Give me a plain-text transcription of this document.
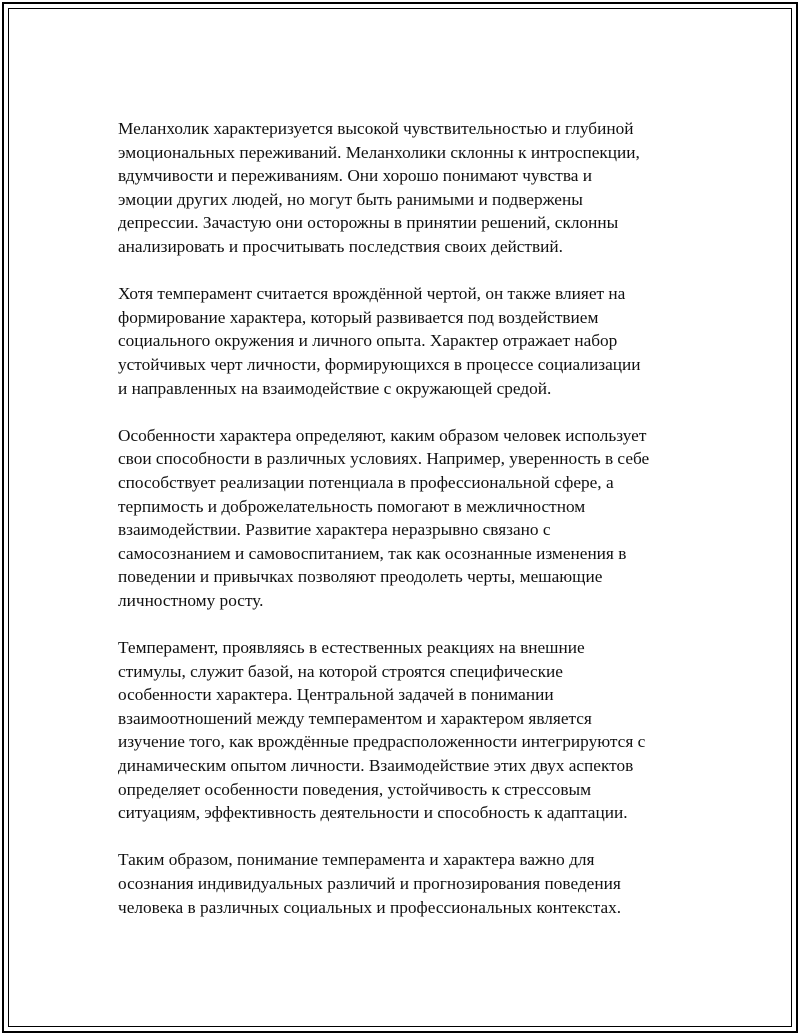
Меланхолик характеризуется высокой чувствительностью и глубиной
эмоциональных переживаний. Меланхолики склонны к интроспекции,
вдумчивости и переживаниям. Они хорошо понимают чувства и
эмоции других людей, но могут быть ранимыми и подвержены
депрессии. Зачастую они осторожны в принятии решений, склонны
анализировать и просчитывать последствия своих действий.

Хотя темперамент считается врождённой чертой, он также влияет на
формирование характера, который развивается под воздействием
социального окружения и личного опыта. Характер отражает набор
устойчивых черт личности, формирующихся в процессе социализации
и направленных на взаимодействие с окружающей средой.

Особенности характера определяют, каким образом человек использует
свои способности в различных условиях. Например, уверенность в себе
способствует реализации потенциала в профессиональной сфере, а
терпимость и доброжелательность помогают в межличностном
взаимодействии. Развитие характера неразрывно связано с
самосознанием и самовоспитанием, так как осознанные изменения в
поведении и привычках позволяют преодолеть черты, мешающие
личностному росту.

Темперамент, проявляясь в естественных реакциях на внешние
стимулы, служит базой, на которой строятся специфические
особенности характера. Центральной задачей в понимании
взаимоотношений между темпераментом и характером является
изучение того, как врождённые предрасположенности интегрируются с
динамическим опытом личности. Взаимодействие этих двух аспектов
определяет особенности поведения, устойчивость к стрессовым
ситуациям, эффективность деятельности и способность к адаптации.

Таким образом, понимание темперамента и характера важно для
осознания индивидуальных различий и прогнозирования поведения
человека в различных социальных и профессиональных контекстах.
